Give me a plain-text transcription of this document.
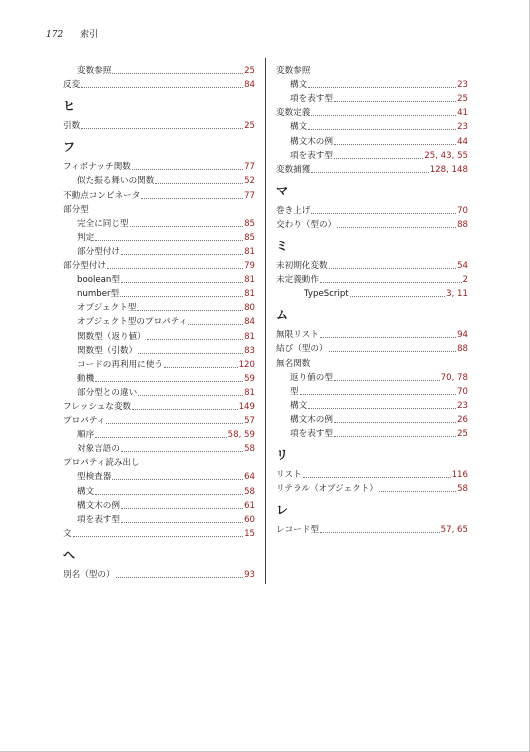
172 索引
変数参照	25
反変	84
ヒ
引数	25
フ
フィボナッチ関数	77
似た振る舞いの関数	52
不動点コンビネータ	77
部分型
完全に同じ型	85
判定	85
部分型付け	81
部分型付け	79
boolean型	81
number型	81
オブジェクト型	80
オブジェクト型のプロパティ	84
関数型（返り値）	81
関数型（引数）	83
コードの再利用に使う	120
動機	59
部分型との違い	81
フレッシュな変数	149
プロパティ	57
順序	58, 59
対象言語の	58
プロパティ読み出し
型検査器	64
構文	58
構文木の例	61
項を表す型	60
文	15
へ
別名（型の）	93
変数参照
構文	23
項を表す型	25
変数定義	41
構文	23
構文木の例	44
項を表す型	25, 43, 55
変数捕獲	128, 148
マ
巻き上げ	70
交わり（型の）	88
ミ
未初期化変数	54
未定義動作	2
TypeScript	3, 11
ム
無限リスト	94
結び（型の）	88
無名関数
返り値の型	70, 78
型	70
構文	23
構文木の例	26
項を表す型	25
リ
リスト	116
リテラル（オブジェクト）	58
レ
レコード型	57, 65
